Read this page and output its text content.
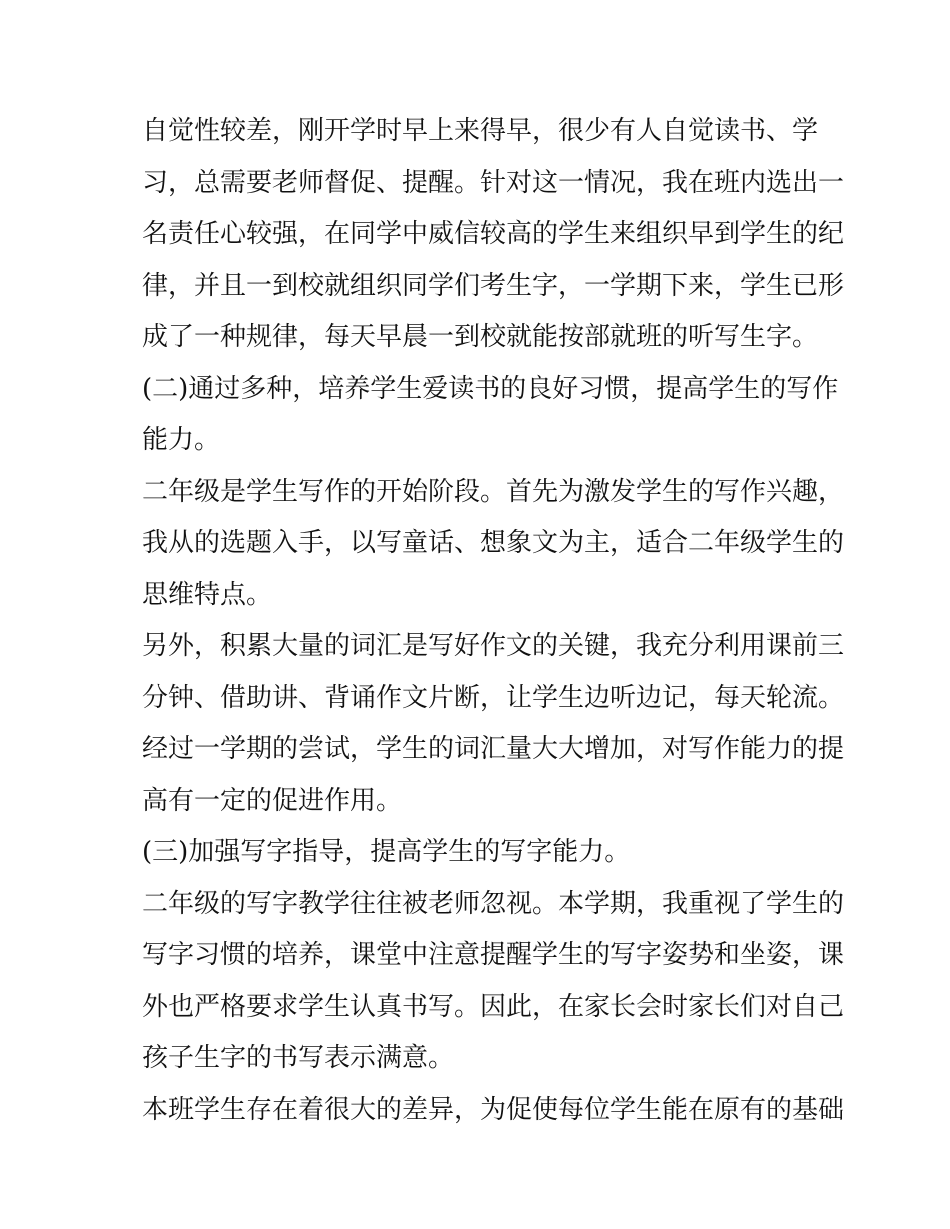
自觉性较差，刚开学时早上来得早，很少有人自觉读书、学
习，总需要老师督促、提醒。针对这一情况，我在班内选出一
名责任心较强，在同学中威信较高的学生来组织早到学生的纪
律，并且一到校就组织同学们考生字，一学期下来，学生已形
成了一种规律，每天早晨一到校就能按部就班的听写生字。
(二)通过多种，培养学生爱读书的良好习惯，提高学生的写作
能力。
二年级是学生写作的开始阶段。首先为激发学生的写作兴趣，
我从的选题入手，以写童话、想象文为主，适合二年级学生的
思维特点。
另外，积累大量的词汇是写好作文的关键，我充分利用课前三
分钟、借助讲、背诵作文片断，让学生边听边记，每天轮流。
经过一学期的尝试，学生的词汇量大大增加，对写作能力的提
高有一定的促进作用。
(三)加强写字指导，提高学生的写字能力。
二年级的写字教学往往被老师忽视。本学期，我重视了学生的
写字习惯的培养，课堂中注意提醒学生的写字姿势和坐姿，课
外也严格要求学生认真书写。因此，在家长会时家长们对自己
孩子生字的书写表示满意。
本班学生存在着很大的差异，为促使每位学生能在原有的基础
